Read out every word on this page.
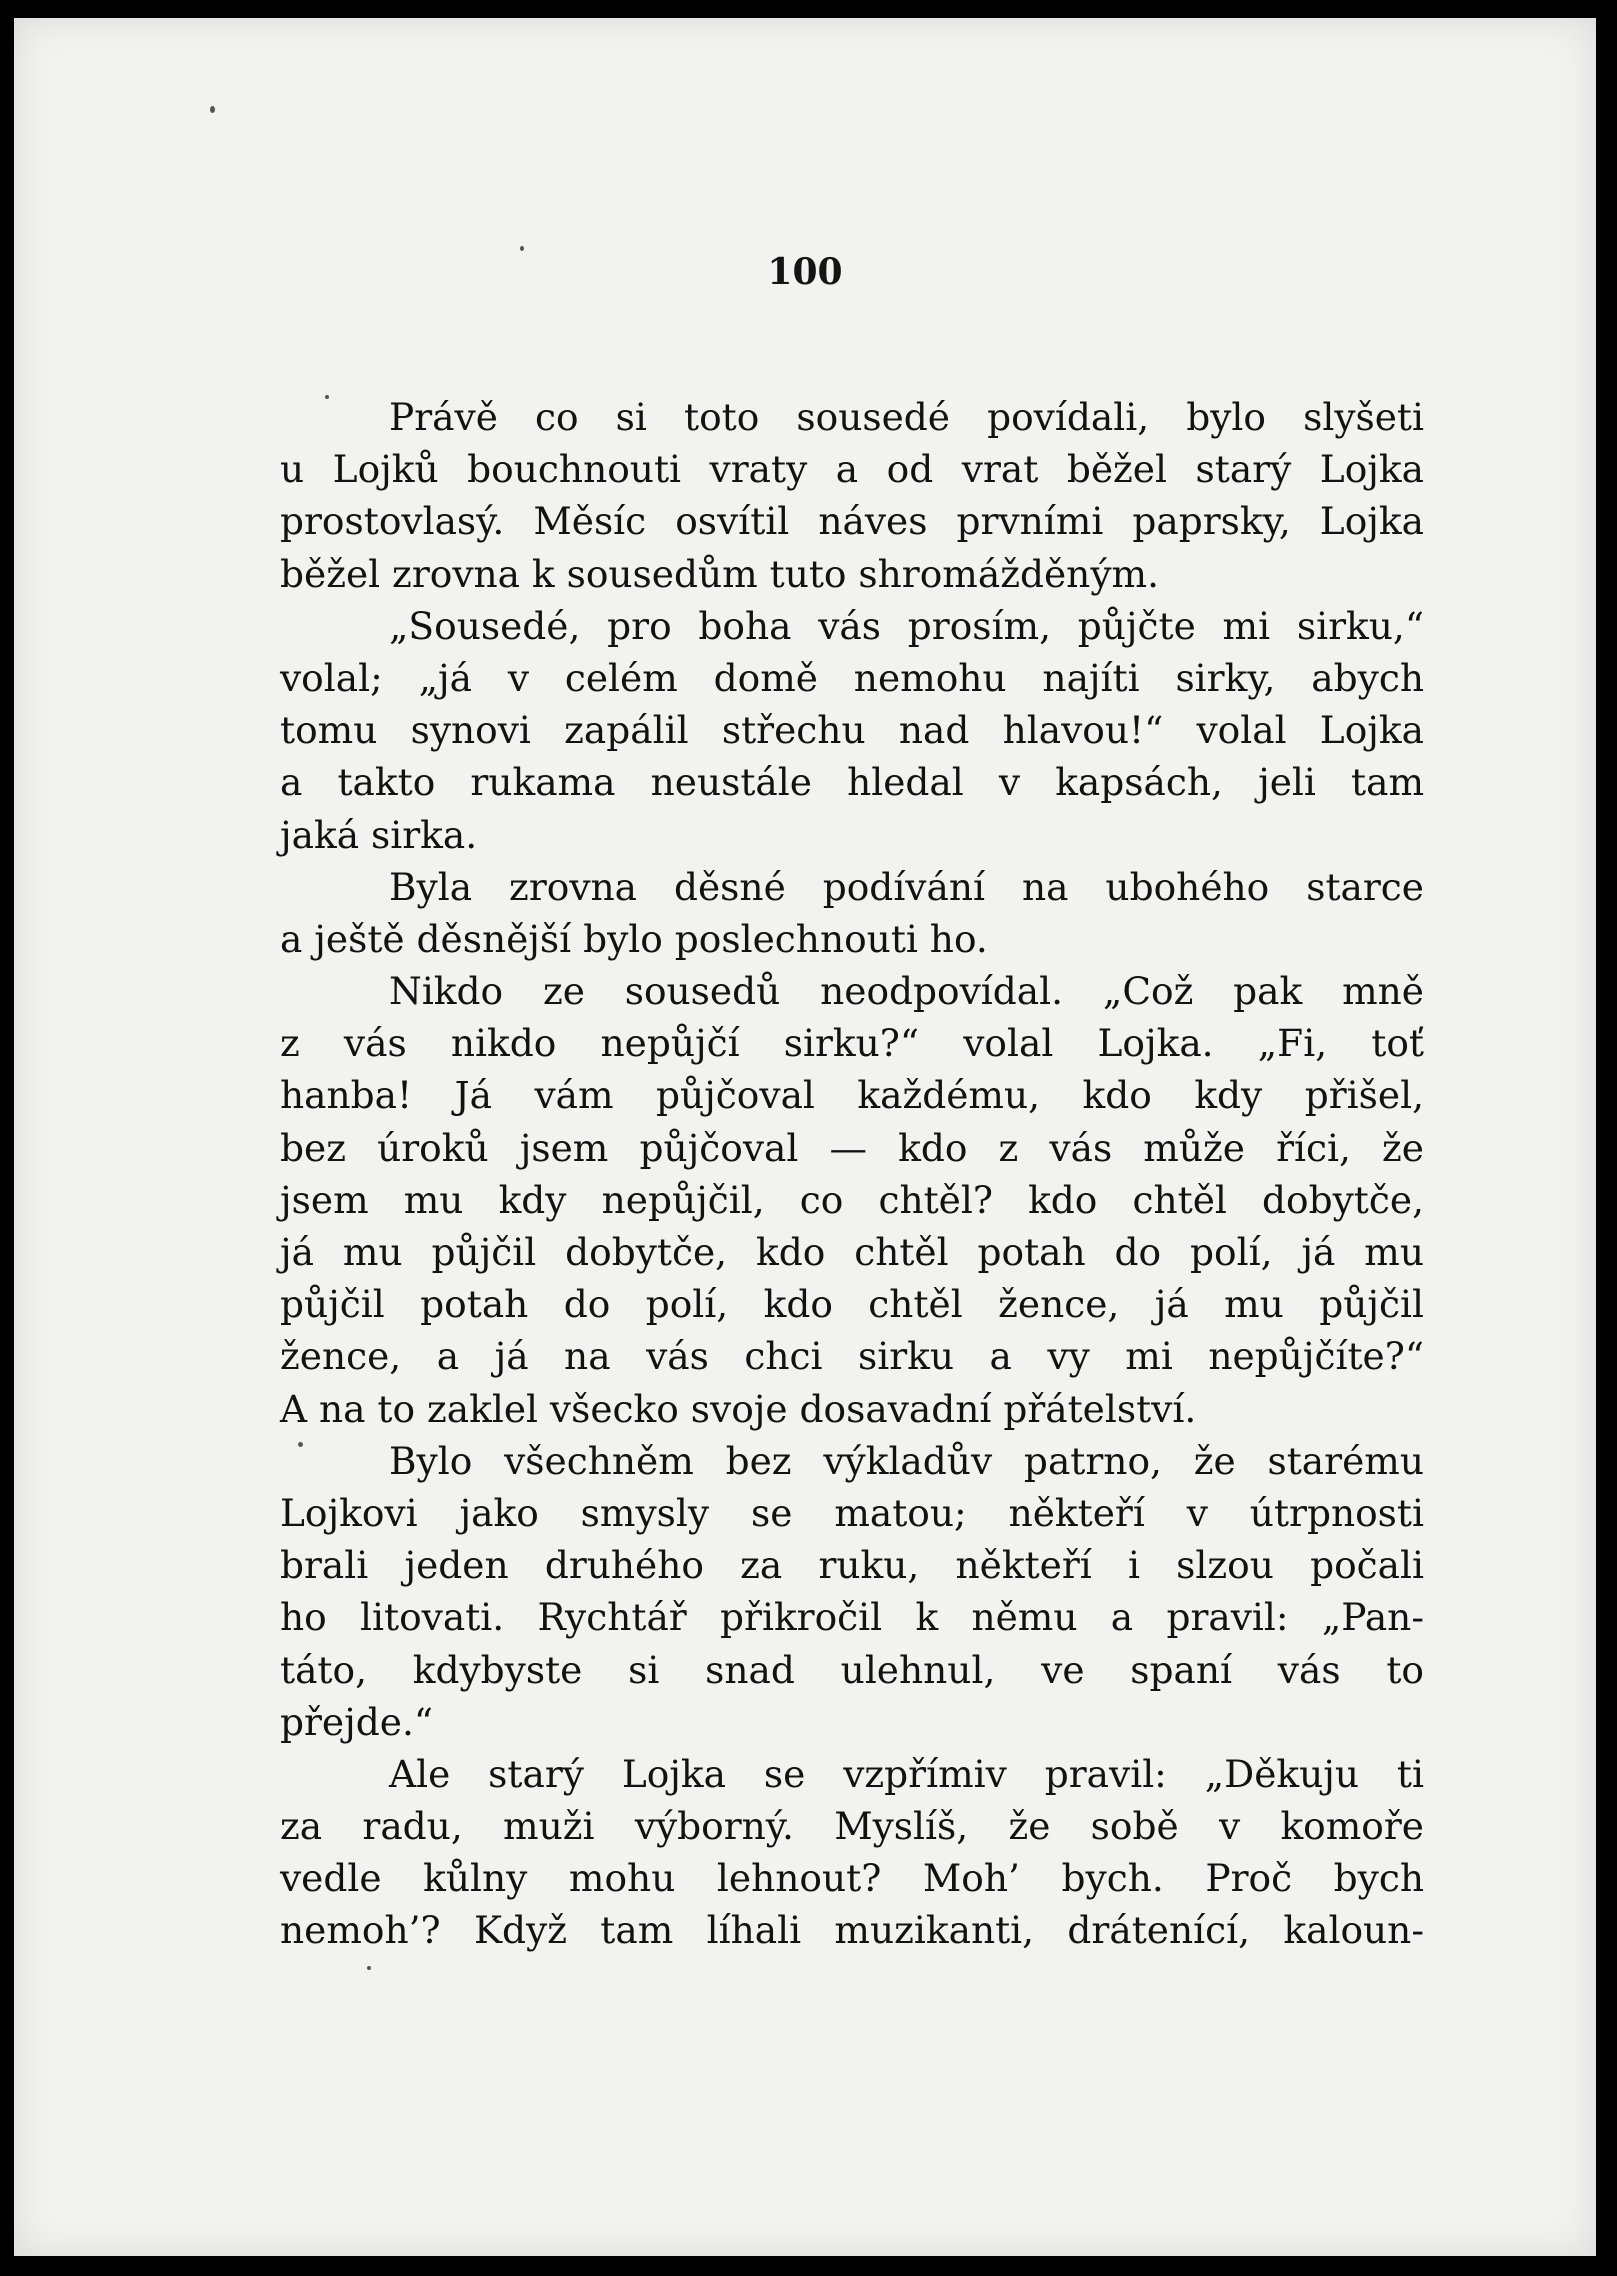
100
Právě co si toto sousedé povídali, bylo slyšeti
u Lojků bouchnouti vraty a od vrat běžel starý Lojka
prostovlasý. Měsíc osvítil náves prvními paprsky, Lojka
běžel zrovna k sousedům tuto shromážděným.
„Sousedé, pro boha vás prosím, půjčte mi sirku,“
volal; „já v celém domě nemohu najíti sirky, abych
tomu synovi zapálil střechu nad hlavou!“ volal Lojka
a takto rukama neustále hledal v kapsách, jeli tam
jaká sirka.
Byla zrovna děsné podívání na ubohého starce
a ještě děsnější bylo poslechnouti ho.
Nikdo ze sousedů neodpovídal. „Což pak mně
z vás nikdo nepůjčí sirku?“ volal Lojka. „Fi, toť
hanba! Já vám půjčoval každému, kdo kdy přišel,
bez úroků jsem půjčoval — kdo z vás může říci, že
jsem mu kdy nepůjčil, co chtěl? kdo chtěl dobytče,
já mu půjčil dobytče, kdo chtěl potah do polí, já mu
půjčil potah do polí, kdo chtěl žence, já mu půjčil
žence, a já na vás chci sirku a vy mi nepůjčíte?“
A na to zaklel všecko svoje dosavadní přátelství.
Bylo všechněm bez výkladův patrno, že starému
Lojkovi jako smysly se matou; někteří v útrpnosti
brali jeden druhého za ruku, někteří i slzou počali
ho litovati. Rychtář přikročil k němu a pravil: „Pan-
táto, kdybyste si snad ulehnul, ve spaní vás to
přejde.“
Ale starý Lojka se vzpřímiv pravil: „Děkuju ti
za radu, muži výborný. Myslíš, že sobě v komoře
vedle kůlny mohu lehnout? Moh’ bych. Proč bych
nemoh’? Když tam líhali muzikanti, drátenící, kaloun-
